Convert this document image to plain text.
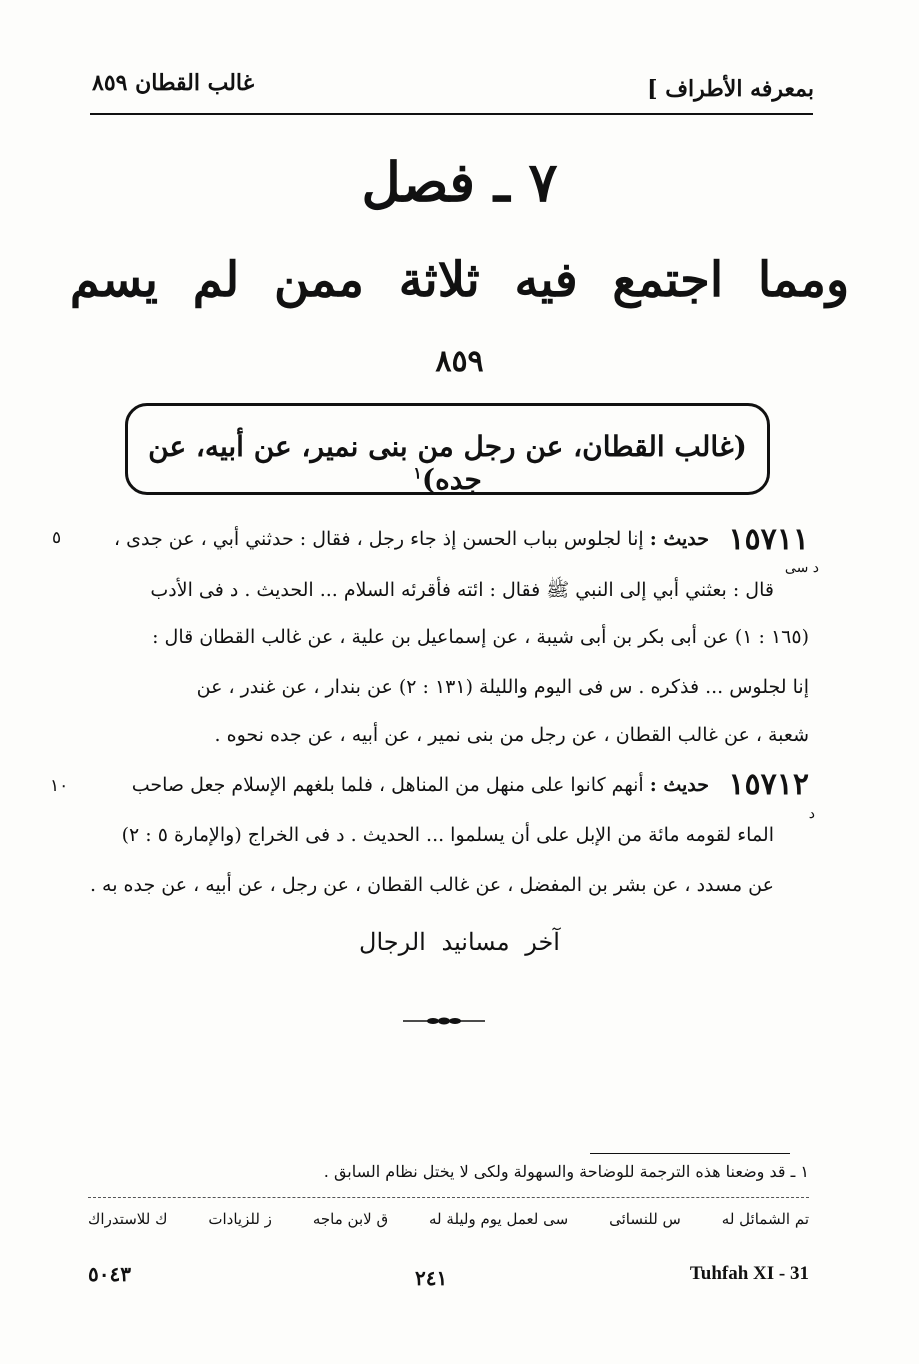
غالب القطان ٨٥٩	بمعرفه الأطراف ]
٧ ـ فصل
ومما اجتمع فيه ثلاثة ممن لم يسم
٨٥٩
(غالب القطان، عن رجل من بنى نمير، عن أبيه، عن جده)$^١$
١٥٧١١
حديث : إنا لجلوس بباب الحسن إذ جاء رجل ، فقال : حدثني أبي ، عن جدى ،
٥
د سى
قال : بعثني أبي إلى النبي ﷺ فقال : ائته فأقرئه السلام ... الحديث . د فى الأدب
(١٦٥ : ١) عن أبى بكر بن أبى شيبة ، عن إسماعيل بن علية ، عن غالب القطان قال :
إنا لجلوس ... فذكره . س فى اليوم والليلة (١٣١ : ٢) عن بندار ، عن غندر ، عن
شعبة ، عن غالب القطان ، عن رجل من بنى نمير ، عن أبيه ، عن جده نحوه .
١٥٧١٢
حديث : أنهم كانوا على منهل من المناهل ، فلما بلغهم الإسلام جعل صاحب
١٠
د
الماء لقومه مائة من الإبل على أن يسلموا ... الحديث . د فى الخراج (والإمارة ٥ : ٢)
عن مسدد ، عن بشر بن المفضل ، عن غالب القطان ، عن رجل ، عن أبيه ، عن جده به .
آخر مسانيد الرجال
١ ـ قد وضعنا هذه الترجمة للوضاحة والسهولة ولكى لا يختل نظام السابق .
تم الشمائل له
س للنسائى
سى لعمل يوم وليلة له
ق لابن ماجه
ز للزيادات
ك للاستدراك
٥٠٤٣	٢٤١	Tuhfah XI - 31
